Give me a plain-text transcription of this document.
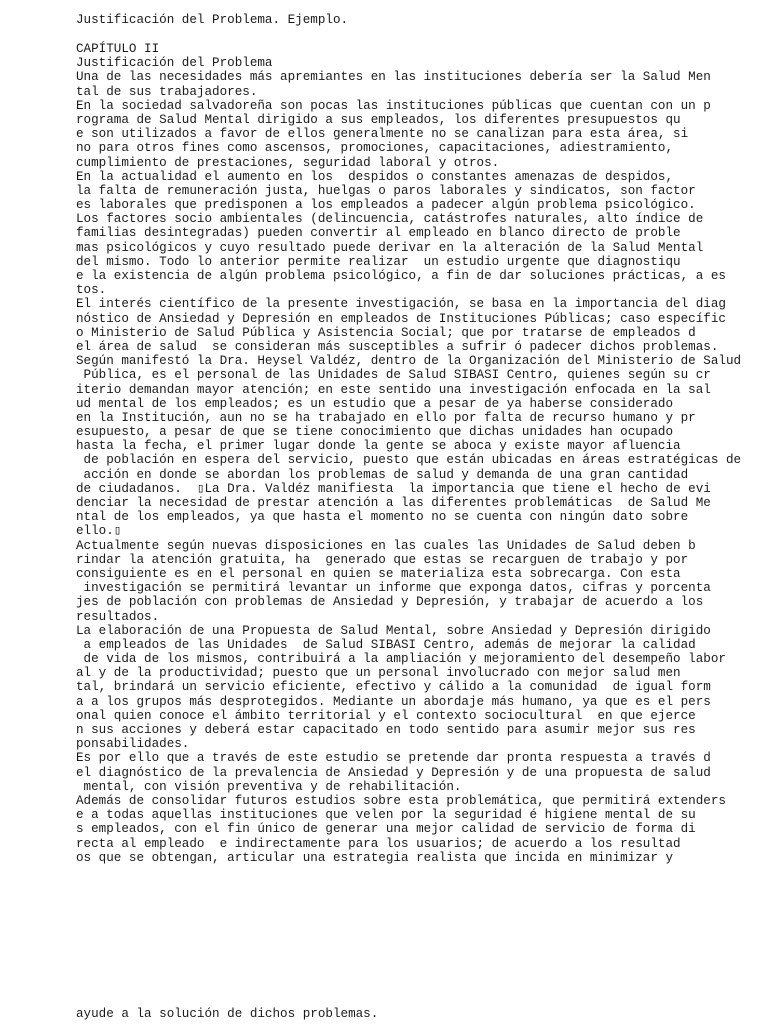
Justificación del Problema. Ejemplo.
CAPÍTULO II
Justificación del Problema
Una de las necesidades más apremiantes en las instituciones debería ser la Salud Men
tal de sus trabajadores.
En la sociedad salvadoreña son pocas las instituciones públicas que cuentan con un p
rograma de Salud Mental dirigido a sus empleados, los diferentes presupuestos qu
e son utilizados a favor de ellos generalmente no se canalizan para esta área, si
no para otros fines como ascensos, promociones, capacitaciones, adiestramiento,
cumplimiento de prestaciones, seguridad laboral y otros.
En la actualidad el aumento en los  despidos o constantes amenazas de despidos,
la falta de remuneración justa, huelgas o paros laborales y sindicatos, son factor
es laborales que predisponen a los empleados a padecer algún problema psicológico.
Los factores socio ambientales (delincuencia, catástrofes naturales, alto índice de
familias desintegradas) pueden convertir al empleado en blanco directo de proble
mas psicológicos y cuyo resultado puede derivar en la alteración de la Salud Mental
del mismo. Todo lo anterior permite realizar  un estudio urgente que diagnostiqu
e la existencia de algún problema psicológico, a fin de dar soluciones prácticas, a es
tos.
El interés científico de la presente investigación, se basa en la importancia del diag
nóstico de Ansiedad y Depresión en empleados de Instituciones Públicas; caso específic
o Ministerio de Salud Pública y Asistencia Social; que por tratarse de empleados d
el área de salud  se consideran más susceptibles a sufrir ó padecer dichos problemas.
Según manifestó la Dra. Heysel Valdéz, dentro de la Organización del Ministerio de Salud
Pública, es el personal de las Unidades de Salud SIBASI Centro, quienes según su cr
iterio demandan mayor atención; en este sentido una investigación enfocada en la sal
ud mental de los empleados; es un estudio que a pesar de ya haberse considerado
en la Institución, aun no se ha trabajado en ello por falta de recurso humano y pr
esupuesto, a pesar de que se tiene conocimiento que dichas unidades han ocupado
hasta la fecha, el primer lugar donde la gente se aboca y existe mayor afluencia
de población en espera del servicio, puesto que están ubicadas en áreas estratégicas de
acción en donde se abordan los problemas de salud y demanda de una gran cantidad
de ciudadanos.  ▯La Dra. Valdéz manifiesta  la importancia que tiene el hecho de evi
denciar la necesidad de prestar atención a las diferentes problemáticas  de Salud Me
ntal de los empleados, ya que hasta el momento no se cuenta con ningún dato sobre
ello.▯
Actualmente según nuevas disposiciones en las cuales las Unidades de Salud deben b
rindar la atención gratuita, ha  generado que estas se recarguen de trabajo y por
consiguiente es en el personal en quien se materializa esta sobrecarga. Con esta
investigación se permitirá levantar un informe que exponga datos, cifras y porcenta
jes de población con problemas de Ansiedad y Depresión, y trabajar de acuerdo a los
resultados.
La elaboración de una Propuesta de Salud Mental, sobre Ansiedad y Depresión dirigido
a empleados de las Unidades  de Salud SIBASI Centro, además de mejorar la calidad
de vida de los mismos, contribuirá a la ampliación y mejoramiento del desempeño labor
al y de la productividad; puesto que un personal involucrado con mejor salud men
tal, brindará un servicio eficiente, efectivo y cálido a la comunidad  de igual form
a a los grupos más desprotegidos. Mediante un abordaje más humano, ya que es el pers
onal quien conoce el ámbito territorial y el contexto sociocultural  en que ejerce
n sus acciones y deberá estar capacitado en todo sentido para asumir mejor sus res
ponsabilidades.
Es por ello que a través de este estudio se pretende dar pronta respuesta a través d
el diagnóstico de la prevalencia de Ansiedad y Depresión y de una propuesta de salud
mental, con visión preventiva y de rehabilitación.
Además de consolidar futuros estudios sobre esta problemática, que permitirá extenders
e a todas aquellas instituciones que velen por la seguridad é higiene mental de su
s empleados, con el fin único de generar una mejor calidad de servicio de forma di
recta al empleado  e indirectamente para los usuarios; de acuerdo a los resultad
os que se obtengan, articular una estrategia realista que incida en minimizar y
ayude a la solución de dichos problemas.
